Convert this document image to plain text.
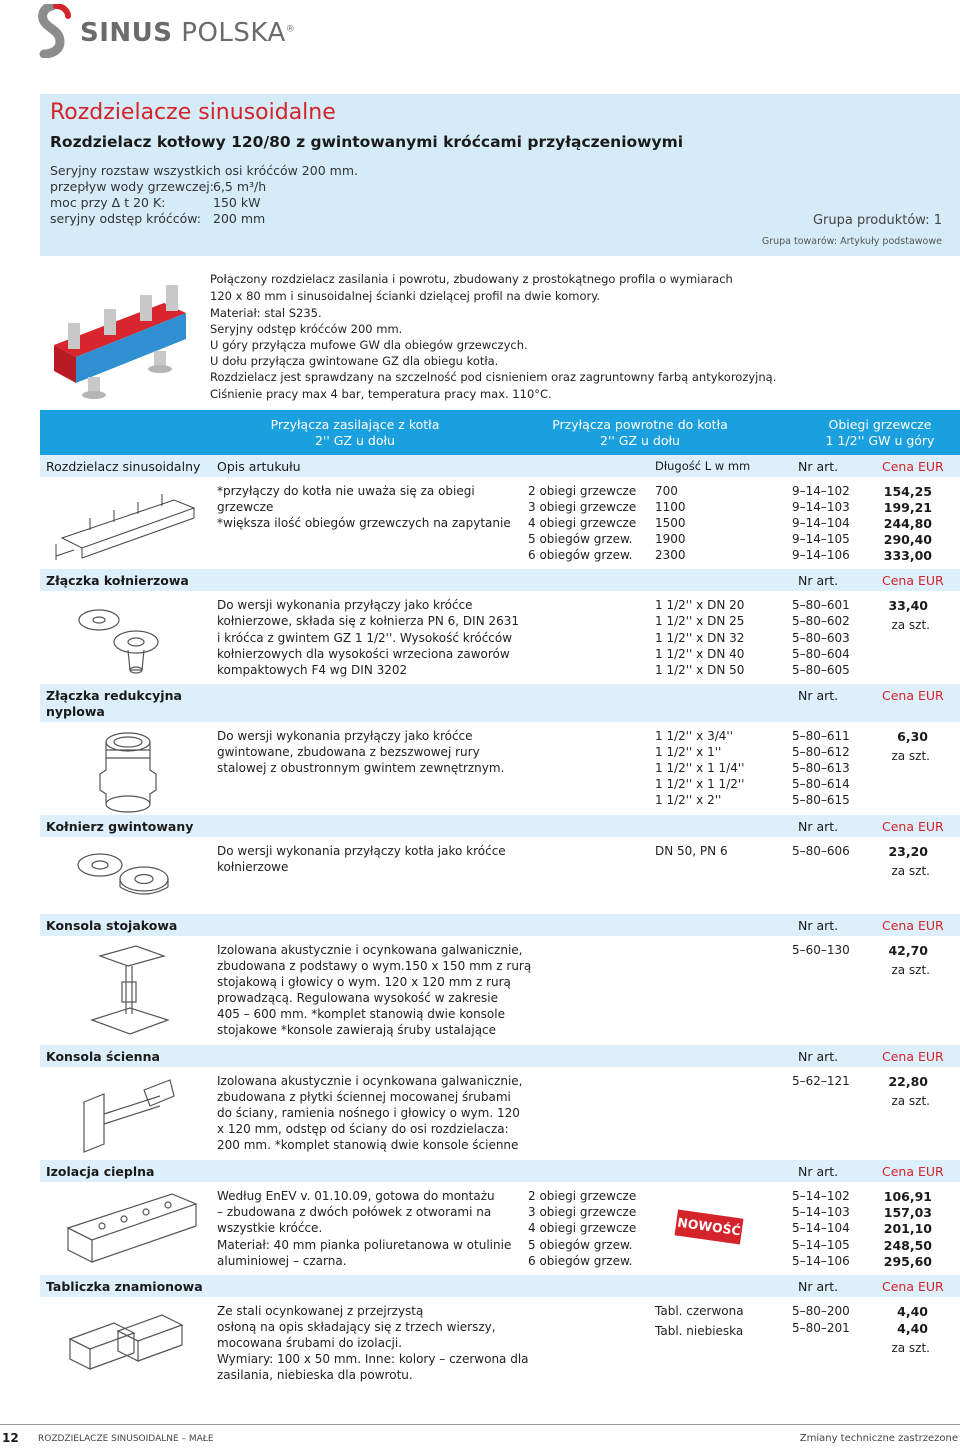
SINUS POLSKA®
Rozdzielacze sinusoidalne
Rozdzielacz kotłowy 120/80 z gwintowanymi króćcami przyłączeniowymi
Seryjny rozstaw wszystkich osi króćców 200 mm.
przepływ wody grzewczej: 6,5 m³/h
moc przy Δ t 20 K:	150 kW
seryjny odstęp króćców: 200 mm	Grupa produktów: 1
Grupa towarów: Artykuły podstawowe
Połączony rozdzielacz zasilania i powrotu, zbudowany z prostokątnego profila o wymiarach
120 x 80 mm i sinusoidalnej ścianki dzielącej profil na dwie komory.
Materiał: stal S235.
Seryjny odstęp króćców 200 mm.
U góry przyłącza mufowe GW dla obiegów grzewczych.
U dołu przyłącza gwintowane GZ dla obiegu kotła.
Rozdzielacz jest sprawdzany na szczelność pod cisnieniem oraz zagruntowny farbą antykorozyjną.
Ciśnienie pracy max 4 bar, temperatura pracy max. 110°C.
Przyłącza zasilające z kotła
2'' GZ u dołu
Przyłącza powrotne do kotła
2'' GZ u dołu
Obiegi grzewcze
1 1/2'' GW u góry
Rozdzielacz sinusoidalny Opis artukułu	Długość L w mm	Nr art.	Cena EUR
*przyłączy do kotła nie uważa się za obiegi
grzewcze
*większa ilość obiegów grzewczych na zapytanie
2 obiegi grzewcze 700	9–14–102	154,25
3 obiegi grzewcze 1100	9–14–103	199,21
4 obiegi grzewcze 1500	9–14–104	244,80
5 obiegów grzew. 1900	9–14–105	290,40
6 obiegów grzew. 2300	9–14–106	333,00
Złączka kołnierzowa	Nr art.	Cena EUR
Do wersji wykonania przyłączy jako króćce
kołnierzowe, składa się z kołnierza PN 6, DIN 2631
i króćca z gwintem GZ 1 1/2''. Wysokość króćców
kołnierzowych dla wysokości wrzeciona zaworów
kompaktowych F4 wg DIN 3202
1 1/2'' x DN 20	5–80–601
1 1/2'' x DN 25	5–80–602
1 1/2'' x DN 32	5–80–603
1 1/2'' x DN 40	5–80–604
1 1/2'' x DN 50	5–80–605
33,40
za szt.
Złączka redukcyjna
nyplowa
Nr art.	Cena EUR
Do wersji wykonania przyłączy jako króćce
gwintowane, zbudowana z bezszwowej rury
stalowej z obustronnym gwintem zewnętrznym.
1 1/2'' x 3/4''	5–80–611
1 1/2'' x 1''	5–80–612
1 1/2'' x 1 1/4''	5–80–613
1 1/2'' x 1 1/2''	5–80–614
1 1/2'' x 2''	5–80–615
6,30
za szt.
Kołnierz gwintowany	Nr art.	Cena EUR
Do wersji wykonania przyłączy kotła jako króćce
kołnierzowe
DN 50, PN 6	5–80–606	23,20
za szt.
Konsola stojakowa	Nr art.	Cena EUR
Izolowana akustycznie i ocynkowana galwanicznie,
zbudowana z podstawy o wym.150 x 150 mm z rurą
stojakową i głowicy o wym. 120 x 120 mm z rurą
prowadzącą. Regulowana wysokość w zakresie
405 – 600 mm. *komplet stanowią dwie konsole
stojakowe *konsole zawierają śruby ustalające
5–60–130	42,70
za szt.
Konsola ścienna	Nr art.	Cena EUR
Izolowana akustycznie i ocynkowana galwanicznie,
zbudowana z płytki ściennej mocowanej śrubami
do ściany, ramienia nośnego i głowicy o wym. 120
x 120 mm, odstęp od ściany do osi rozdzielacza:
200 mm. *komplet stanowią dwie konsole ścienne
5–62–121	22,80
za szt.
Izolacja cieplna	Nr art.	Cena EUR
Według EnEV v. 01.10.09, gotowa do montażu
– zbudowana z dwóch połówek z otworami na
wszystkie króćce.
Materiał: 40 mm pianka poliuretanowa w otulinie
aluminiowej – czarna.
NOWOŚĆ
2 obiegi grzewcze	5–14–102	106,91
3 obiegi grzewcze	5–14–103	157,03
4 obiegi grzewcze	5–14–104	201,10
5 obiegów grzew.	5–14–105	248,50
6 obiegów grzew.	5–14–106	295,60
Tabliczka znamionowa	Nr art.	Cena EUR
Ze stali ocynkowanej z przejrzystą
osłoną na opis składający się z trzech wierszy,
mocowana śrubami do izolacji.
Wymiary: 100 x 50 mm. Inne: kolory – czerwona dla
zasilania, niebieska dla powrotu.
Tabl. czerwona	5–80–200	4,40
Tabl. niebieska	5–80–201	4,40
za szt.
12 ROZDZIELACZE SINUSOIDALNE – MAŁE	Zmiany techniczne zastrzezone
